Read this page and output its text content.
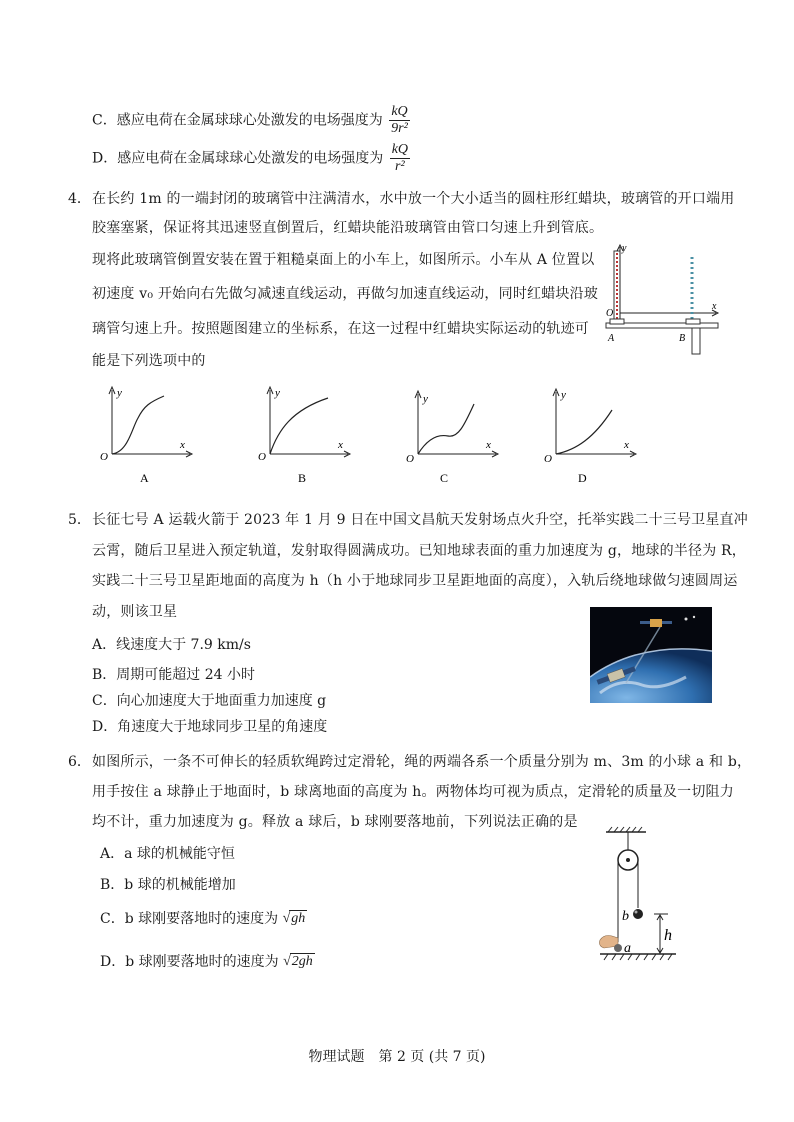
C．感应电荷在金属球球心处激发的电场强度为 $\frac{kQ}{\text{9r²}}$
D．感应电荷在金属球球心处激发的电场强度为 $\frac{kQ}{\text{r²}}$
4． 在长约 1m 的一端封闭的玻璃管中注满清水，水中放一个大小适当的圆柱形红蜡块，玻璃管的开口端用
胶塞塞紧，保证将其迅速竖直倒置后，红蜡块能沿玻璃管由管口匀速上升到管底。
现将此玻璃管倒置安装在置于粗糙桌面上的小车上，如图所示。小车从 A 位置以
初速度 v₀ 开始向右先做匀减速直线运动，再做匀加速直线运动，同时红蜡块沿玻
璃管匀速上升。按照题图建立的坐标系，在这一过程中红蜡块实际运动的轨迹可
能是下列选项中的
y
x
O
A	B
y
x
O
A
y
x
O
B
y
x
O
C
y
x
O
D
5． 长征七号 A 运载火箭于 2023 年 1 月 9 日在中国文昌航天发射场点火升空，托举实践二十三号卫星直冲
云霄，随后卫星进入预定轨道，发射取得圆满成功。已知地球表面的重力加速度为 g，地球的半径为 R，
实践二十三号卫星距地面的高度为 h（h 小于地球同步卫星距地面的高度），入轨后绕地球做匀速圆周运
动，则该卫星
A．线速度大于 7.9 km/s
B．周期可能超过 24 小时
C．向心加速度大于地面重力加速度 g
D．角速度大于地球同步卫星的角速度
6． 如图所示，一条不可伸长的轻质软绳跨过定滑轮，绳的两端各系一个质量分别为 m、3m 的小球 a 和 b，
用手按住 a 球静止于地面时，b 球离地面的高度为 h。两物体均可视为质点，定滑轮的质量及一切阻力
均不计，重力加速度为 g。释放 a 球后，b 球刚要落地前，下列说法正确的是
A．a 球的机械能守恒
B．b 球的机械能增加
C．b 球刚要落地时的速度为 √gh
D．b 球刚要落地时的速度为 √2gh
b
h
a
物理试题　第 2 页 (共 7 页)
